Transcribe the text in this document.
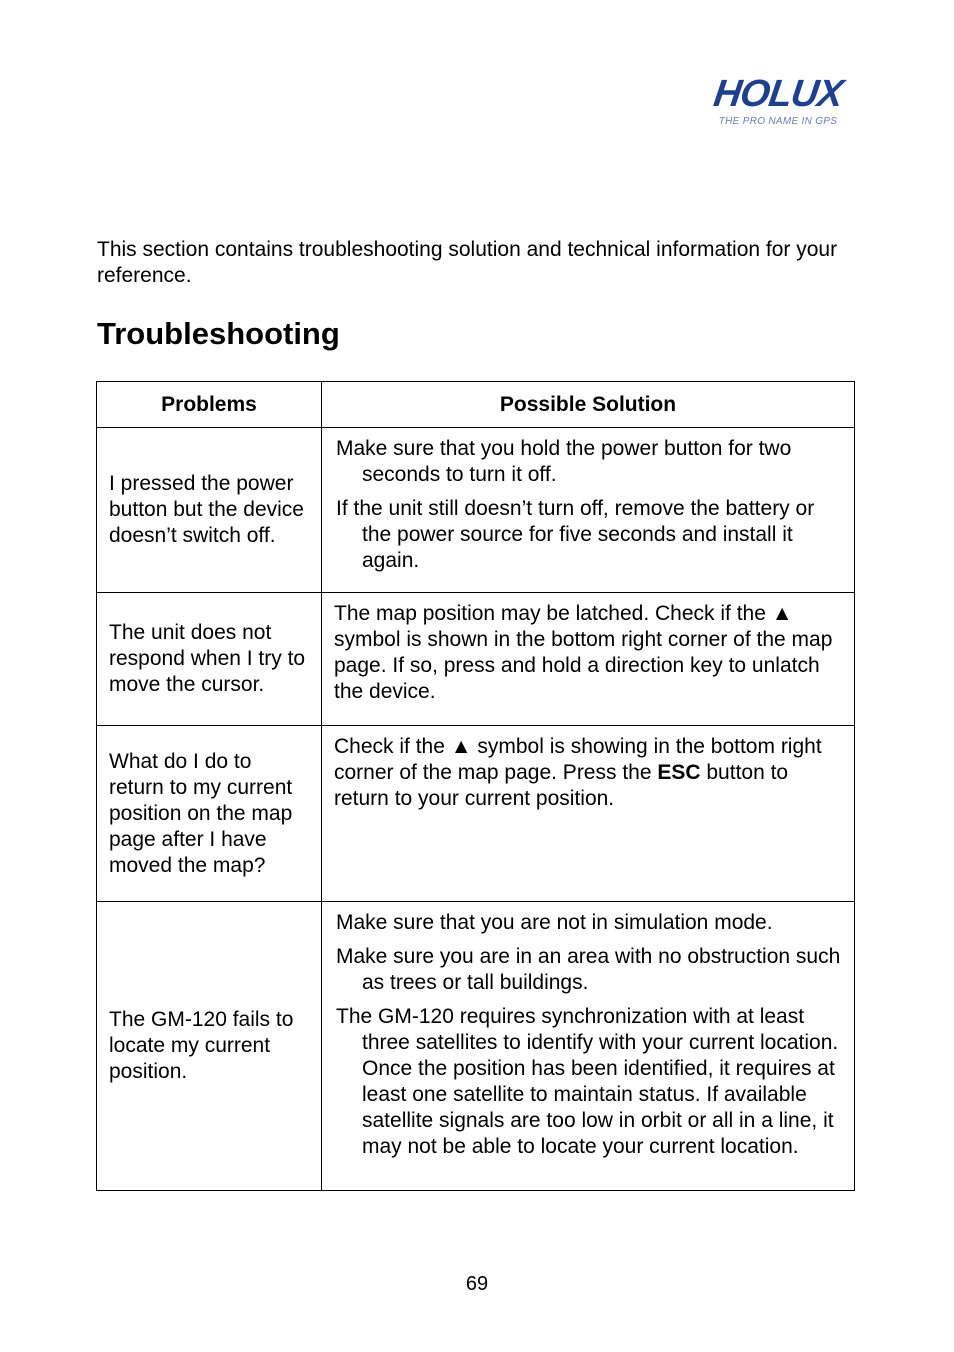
HOLUX
THE PRO NAME IN GPS

This section contains troubleshooting solution and technical information for your reference.

Troubleshooting
Problems	Possible Solution
I pressed the power button but the device doesn’t switch off.	Make sure that you hold the power button for two seconds to turn it off.

If the unit still doesn’t turn off, remove the battery or the power source for five seconds and install it again.

The unit does not respond when I try to move the cursor.	The map position may be latched. Check if the ▲ symbol is shown in the bottom right corner of the map page. If so, press and hold a direction key to unlatch the device.

What do I do to return to my current position on the map page after I have moved the map?	Check if the ▲ symbol is showing in the bottom right corner of the map page. Press the ESC button to return to your current position.

The GM-120 fails to locate my current position.	Make sure that you are not in simulation mode.

Make sure you are in an area with no obstruction such as trees or tall buildings.

The GM-120 requires synchronization with at least three satellites to identify with your current location. Once the position has been identified, it requires at least one satellite to maintain status. If available satellite signals are too low in orbit or all in a line, it may not be able to locate your current location.

69
